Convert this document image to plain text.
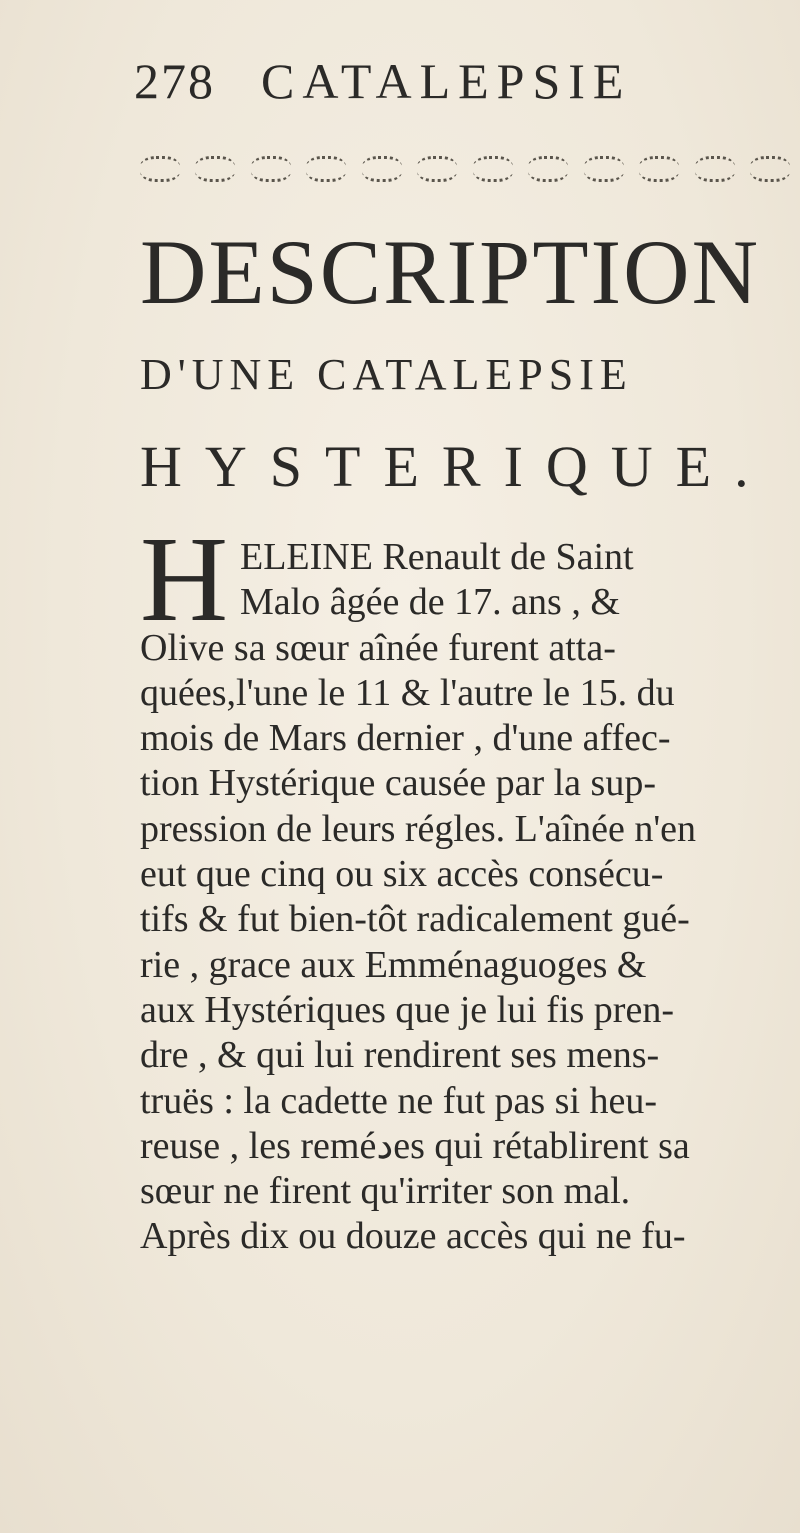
278 CATALEPSIE
DESCRIPTION
D'UNE CATALEPSIE
HYSTERIQUE.
H ELEINE Renault de Saint
Malo âgée de 17. ans , &
Olive sa sœur aînée furent atta-
quées,l'une le 11 & l'autre le 15. du
mois de Mars dernier , d'une affec-
tion Hystérique causée par la sup-
pression de leurs régles. L'aînée n'en
eut que cinq ou six accès consécu-
tifs & fut bien-tôt radicalement gué-
rie , grace aux Emménaguoges &
aux Hystériques que je lui fis pren-
dre , & qui lui rendirent ses mens-
truës : la cadette ne fut pas si heu-
reuse , les reméدes qui rétablirent sa
sœur ne firent qu'irriter son mal.
Après dix ou douze accès qui ne fu-
